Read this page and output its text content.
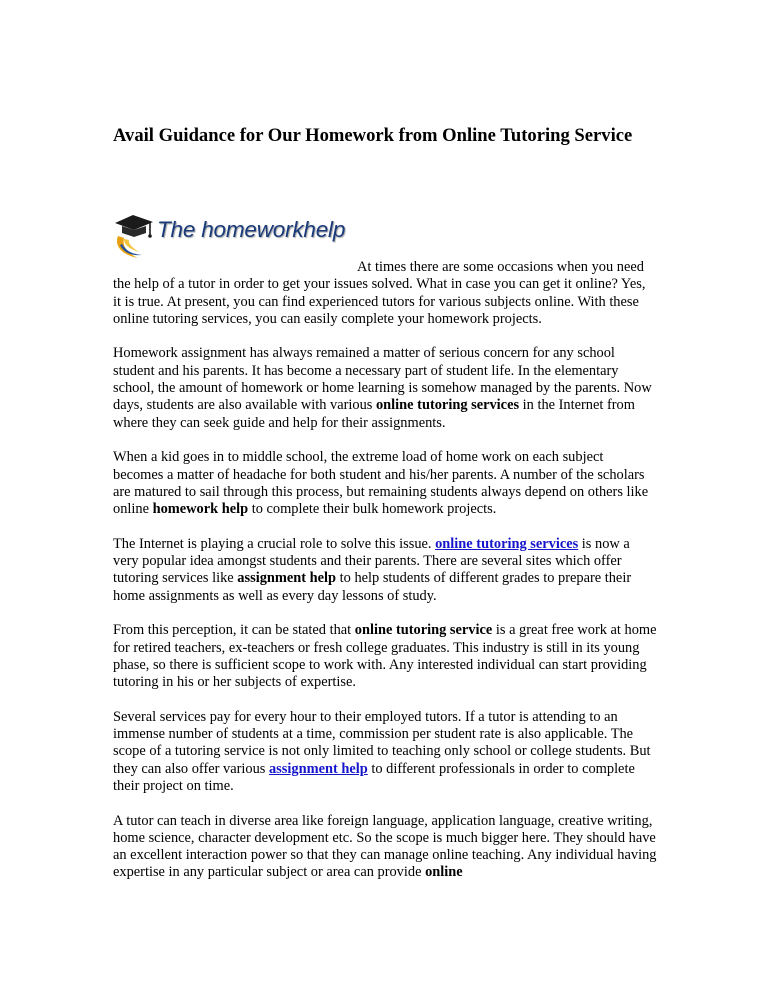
Avail Guidance for Our Homework from Online Tutoring Service
The homeworkhelp

At times there are some occasions when you need the help of a tutor in order to get your issues solved. What in case you can get it online? Yes, it is true. At present, you can find experienced tutors for various subjects online. With these online tutoring services, you can easily complete your homework projects.

Homework assignment has always remained a matter of serious concern for any school student and his parents. It has become a necessary part of student life. In the elementary school, the amount of homework or home learning is somehow managed by the parents. Now days, students are also available with various online tutoring services in the Internet from where they can seek guide and help for their assignments.

When a kid goes in to middle school, the extreme load of home work on each subject becomes a matter of headache for both student and his/her parents. A number of the scholars are matured to sail through this process, but remaining students always depend on others like online homework help to complete their bulk homework projects.

The Internet is playing a crucial role to solve this issue. online tutoring services is now a very popular idea amongst students and their parents. There are several sites which offer tutoring services like assignment help to help students of different grades to prepare their home assignments as well as every day lessons of study.

From this perception, it can be stated that online tutoring service is a great free work at home for retired teachers, ex-teachers or fresh college graduates. This industry is still in its young phase, so there is sufficient scope to work with. Any interested individual can start providing tutoring in his or her subjects of expertise.

Several services pay for every hour to their employed tutors. If a tutor is attending to an immense number of students at a time, commission per student rate is also applicable. The scope of a tutoring service is not only limited to teaching only school or college students. But they can also offer various assignment help to different professionals in order to complete their project on time.

A tutor can teach in diverse area like foreign language, application language, creative writing, home science, character development etc. So the scope is much bigger here. They should have an excellent interaction power so that they can manage online teaching. Any individual having expertise in any particular subject or area can provide online
